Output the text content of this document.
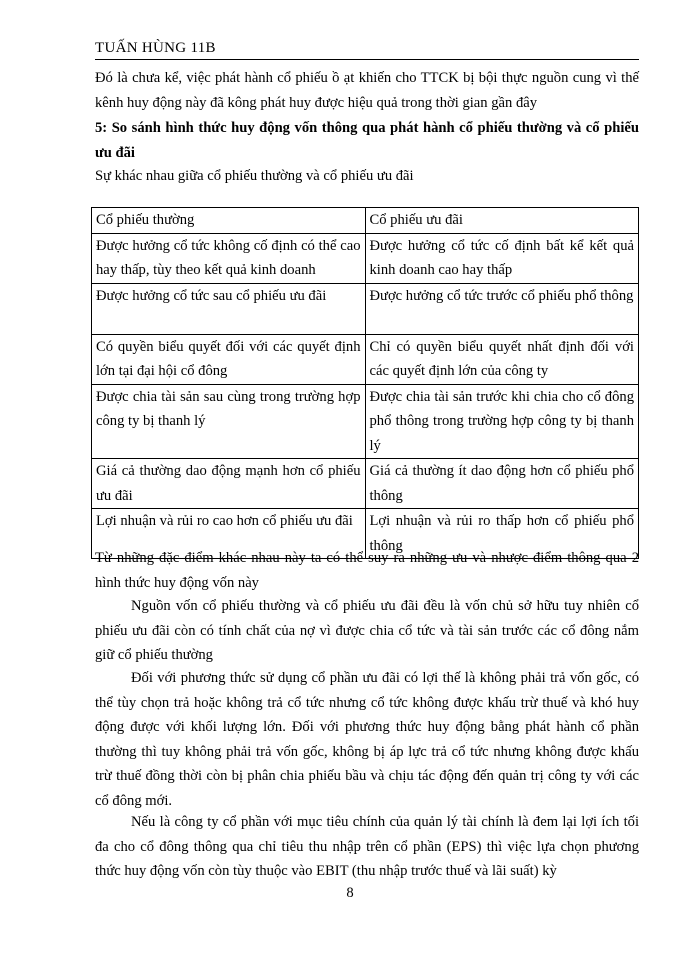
TUẤN HÙNG 11B
Đó là chưa kể, việc phát hành cổ phiếu ồ ạt khiến cho TTCK bị bội thực nguồn cung vì thế kênh huy động này đã kông phát huy được hiệu quả trong thời gian gần đây
5: So sánh hình thức huy động vốn thông qua phát hành cổ phiếu thường và cổ phiếu ưu đãi
Sự khác nhau giữa cổ phiếu thường và cổ phiếu ưu đãi
Cổ phiếu thường	Cổ phiếu ưu đãi
Được hưởng cổ tức không cố định có thể cao hay thấp, tùy theo kết quả kinh doanh	Được hưởng cổ tức cố định bất kể kết quả kinh doanh cao hay thấp
Được hưởng cổ tức sau cổ phiếu ưu đãi	Được hưởng cổ tức trước cổ phiếu phổ thông
Có quyền biểu quyết đối với các quyết định lớn tại đại hội cổ đông	Chỉ có quyền biểu quyết nhất định đối với các quyết định lớn của công ty
Được chia tài sản sau cùng trong trường hợp công ty bị thanh lý	Được chia tài sản trước khi chia cho cổ đông phổ thông trong trường hợp công ty bị thanh lý
Giá cả thường dao động mạnh hơn cổ phiếu ưu đãi	Giá cả thường ít dao động hơn cổ phiếu phổ thông
Lợi nhuận và rủi ro cao hơn cổ phiếu ưu đãi	Lợi nhuận và rủi ro thấp hơn cổ phiếu phổ thông
Từ những đặc điểm khác nhau này ta có thể suy ra những ưu và nhược điểm thông qua 2 hình thức huy động vốn này
Nguồn vốn cổ phiếu thường và cổ phiếu ưu đãi đều là vốn chủ sở hữu tuy nhiên cổ phiếu ưu đãi còn có tính chất của nợ vì được chia cổ tức và tài sản trước các cổ đông nắm giữ cổ phiếu thường
Đối với phương thức sử dụng cổ phần ưu đãi có lợi thế là không phải trả vốn gốc, có thể tùy chọn trả hoặc không trả cổ tức nhưng cổ tức không được khấu trừ thuế và khó huy động được với khối lượng lớn. Đối với phương thức huy động bằng phát hành cổ phần thường thì tuy không phải trả vốn gốc, không bị áp lực trả cổ tức nhưng không được khấu trừ thuế đồng thời còn bị phân chia phiếu bầu và chịu tác động đến quản trị công ty với các cổ đông mới.
Nếu là công ty cổ phần với mục tiêu chính của quản lý tài chính là đem lại lợi ích tối đa cho cổ đông thông qua chỉ tiêu thu nhập trên cổ phần (EPS) thì việc lựa chọn phương thức huy động vốn còn tùy thuộc vào EBIT (thu nhập trước thuế và lãi suất) kỳ
8
